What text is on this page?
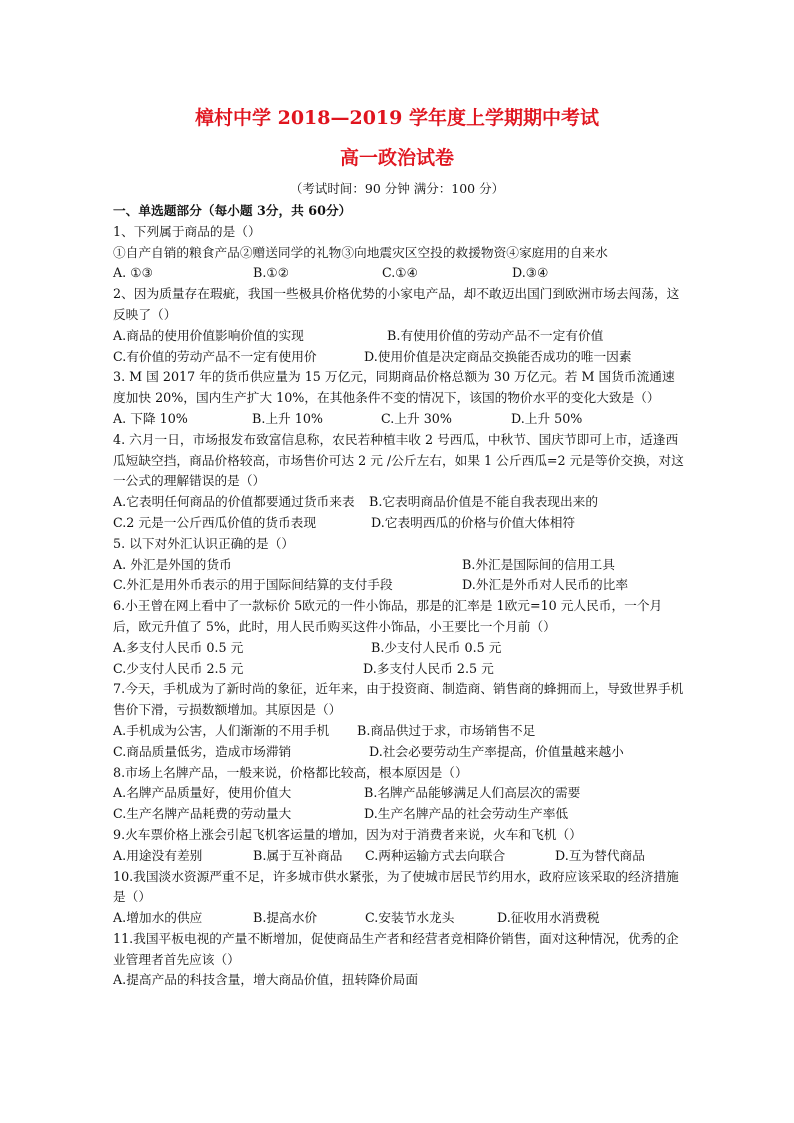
樟村中学 2018—2019 学年度上学期期中考试
高一政治试卷
（考试时间：90 分钟 满分：100 分）
一、单选题部分（每小题 3分，共 60分）
1、下列属于商品的是（）
①自产自销的粮食产品②赠送同学的礼物③向地震灾区空投的救援物资④家庭用的自来水
A. ①③	B.①②	C.①④	D.③④
2、因为质量存在瑕疵，我国一些极具价格优势的小家电产品，却不敢迈出国门到欧洲市场去闯荡，这反映了（）
A.商品的使用价值影响价值的实现	B.有使用价值的劳动产品不一定有价值
C.有价值的劳动产品不一定有使用价	D.使用价值是决定商品交换能否成功的唯一因素
3. M 国 2017 年的货币供应量为 15 万亿元，同期商品价格总额为 30 万亿元。若 M 国货币流通速度加快 20%，国内生产扩大 10%，在其他条件不变的情况下，该国的物价水平的变化大致是（）
A. 下降 10%	B.上升 10%	C.上升 30%	D.上升 50%
4. 六月一日，市场报发布致富信息称，农民若种植丰收 2 号西瓜，中秋节、国庆节即可上市，适逢西瓜短缺空挡，商品价格较高，市场售价可达 2 元 /公斤左右，如果 1 公斤西瓜=2 元是等价交换，对这一公式的理解错误的是（）
A.它表明任何商品的价值都要通过货币来表	B.它表明商品价值是不能自我表现出来的
C.2 元是一公斤西瓜价值的货币表现	D.它表明西瓜的价格与价值大体相符
5. 以下对外汇认识正确的是（）
A. 外汇是外国的货币	B.外汇是国际间的信用工具
C.外汇是用外币表示的用于国际间结算的支付手段	D.外汇是外币对人民币的比率
6.小王曾在网上看中了一款标价 5欧元的一件小饰品，那是的汇率是 1欧元=10 元人民币，一个月后，欧元升值了 5%，此时，用人民币购买这件小饰品，小王要比一个月前（）
A.多支付人民币 0.5 元	B.少支付人民币 0.5 元
C.少支付人民币 2.5 元	D.多支付人民币 2.5 元
7.今天，手机成为了新时尚的象征，近年来，由于投资商、制造商、销售商的蜂拥而上，导致世界手机售价下滑，亏损数额增加。其原因是（）
A.手机成为公害，人们渐渐的不用手机	B.商品供过于求，市场销售不足
C.商品质量低劣，造成市场滞销	D.社会必要劳动生产率提高，价值量越来越小
8.市场上名牌产品，一般来说，价格都比较高，根本原因是（）
A.名牌产品质量好，使用价值大	B.名牌产品能够满足人们高层次的需要
C.生产名牌产品耗费的劳动量大	D.生产名牌产品的社会劳动生产率低
9.火车票价格上涨会引起飞机客运量的增加，因为对于消费者来说，火车和飞机（）
A.用途没有差别	B.属于互补商品	C.两种运输方式去向联合	D.互为替代商品
10.我国淡水资源严重不足，许多城市供水紧张，为了使城市居民节约用水，政府应该采取的经济措施是（）
A.增加水的供应	B.提高水价	C.安装节水龙头	D.征收用水消费税
11.我国平板电视的产量不断增加，促使商品生产者和经营者竞相降价销售，面对这种情况，优秀的企业管理者首先应该（）
A.提高产品的科技含量，增大商品价值，扭转降价局面
